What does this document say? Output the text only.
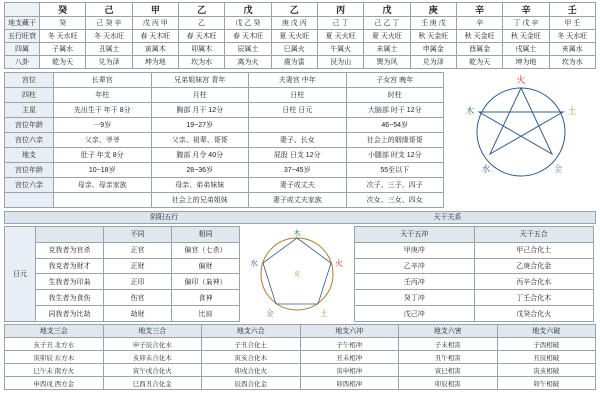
	癸	己	甲	乙	戊	乙	丙	戊	庚	辛	辛	壬
地支藏干	癸	己 癸 辛	戊 丙 甲	乙	戊 乙 癸	庚 戊 丙	己 丁	己 乙 丁	壬 庚 戊	辛	丁 戊 辛	甲 壬
五行旺衰	冬 天水旺	冬 天水旺	春 天木旺	春 天木旺	春 天木旺	夏 天火旺	夏 天火旺	夏 天火旺	秋 天金旺	秋 天金旺	秋 天金旺	冬 天水旺
四属	子属水	丑属土	寅属木	卯属木	辰属土	巳属火	午属火	未属土	申属金	酉属金	戌属土	亥属水
八卦	乾为天	兑为泽	坤为地	坎为水	离为火	震为雷	艮为山	巽为风	兑为泽	乾为天	坤为地	坎为水
宫位	长辈宫	兄弟姐妹宫 青年	夫妻宫 中年	子女宫 晚年
四柱	年柱	月柱	日柱	时柱
主星	先出生干 年干 8分	胸部 月干 12分	日柱 日元	大脑部 时干 12分
宫位年龄	一9岁	19~27岁		46~54岁
宫位六亲	父亲、爷爷	父亲、祖辈、哥哥	妻子、长女	社会上的姻缘哥哥
地支	肚子 年支 8分	腹部 月令 40分	屁股 日支 12分	小腿部 时支 12分
宫位年龄	10~18岁	28~36岁	37~45岁	55至以下
宫位六亲	母亲、母亲家族	母亲、弟弟妹妹	妻子或丈夫	次子、三子、四子
		社会上的兄弟姐妹	妻子或丈夫家族	次女、三女、四女
火
木	土
水	金
阴阳五行	天干关系
日元		不同	相同
	克我者为官杀	正官	偏官（七杀）
	我克者为财才	正财	偏财
	生我者为印枭	正印	偏印（枭神）
	我生者为食伤	伤官	食神
	同我者为比劫	劫财	比肩
木
火
土
金
水
克
天干五冲	天干五合
甲庚冲	甲己合化土
乙辛冲	乙庚合化金
壬丙冲	丙辛合化水
癸丁冲	丁壬合化木
戊己冲	戊癸合化火
地支三会	地支三合	地支六合	地支六冲	地支六害	地支六破
亥子丑 北方水	申子辰合化水	子丑合化土	子午相冲	子未相害	子酉相破
寅卯辰 东方木	亥卯未合化木	寅亥合化木	丑未相冲	丑午相害	丑辰相破
巳午未 南方火	寅午戌合化火	卯戌合化火	寅申相冲	寅巳相害	寅亥相破
申酉戌 西方金	巳酉丑合化金	辰酉合化金	卯酉相冲	卯辰相害	卯午相破
